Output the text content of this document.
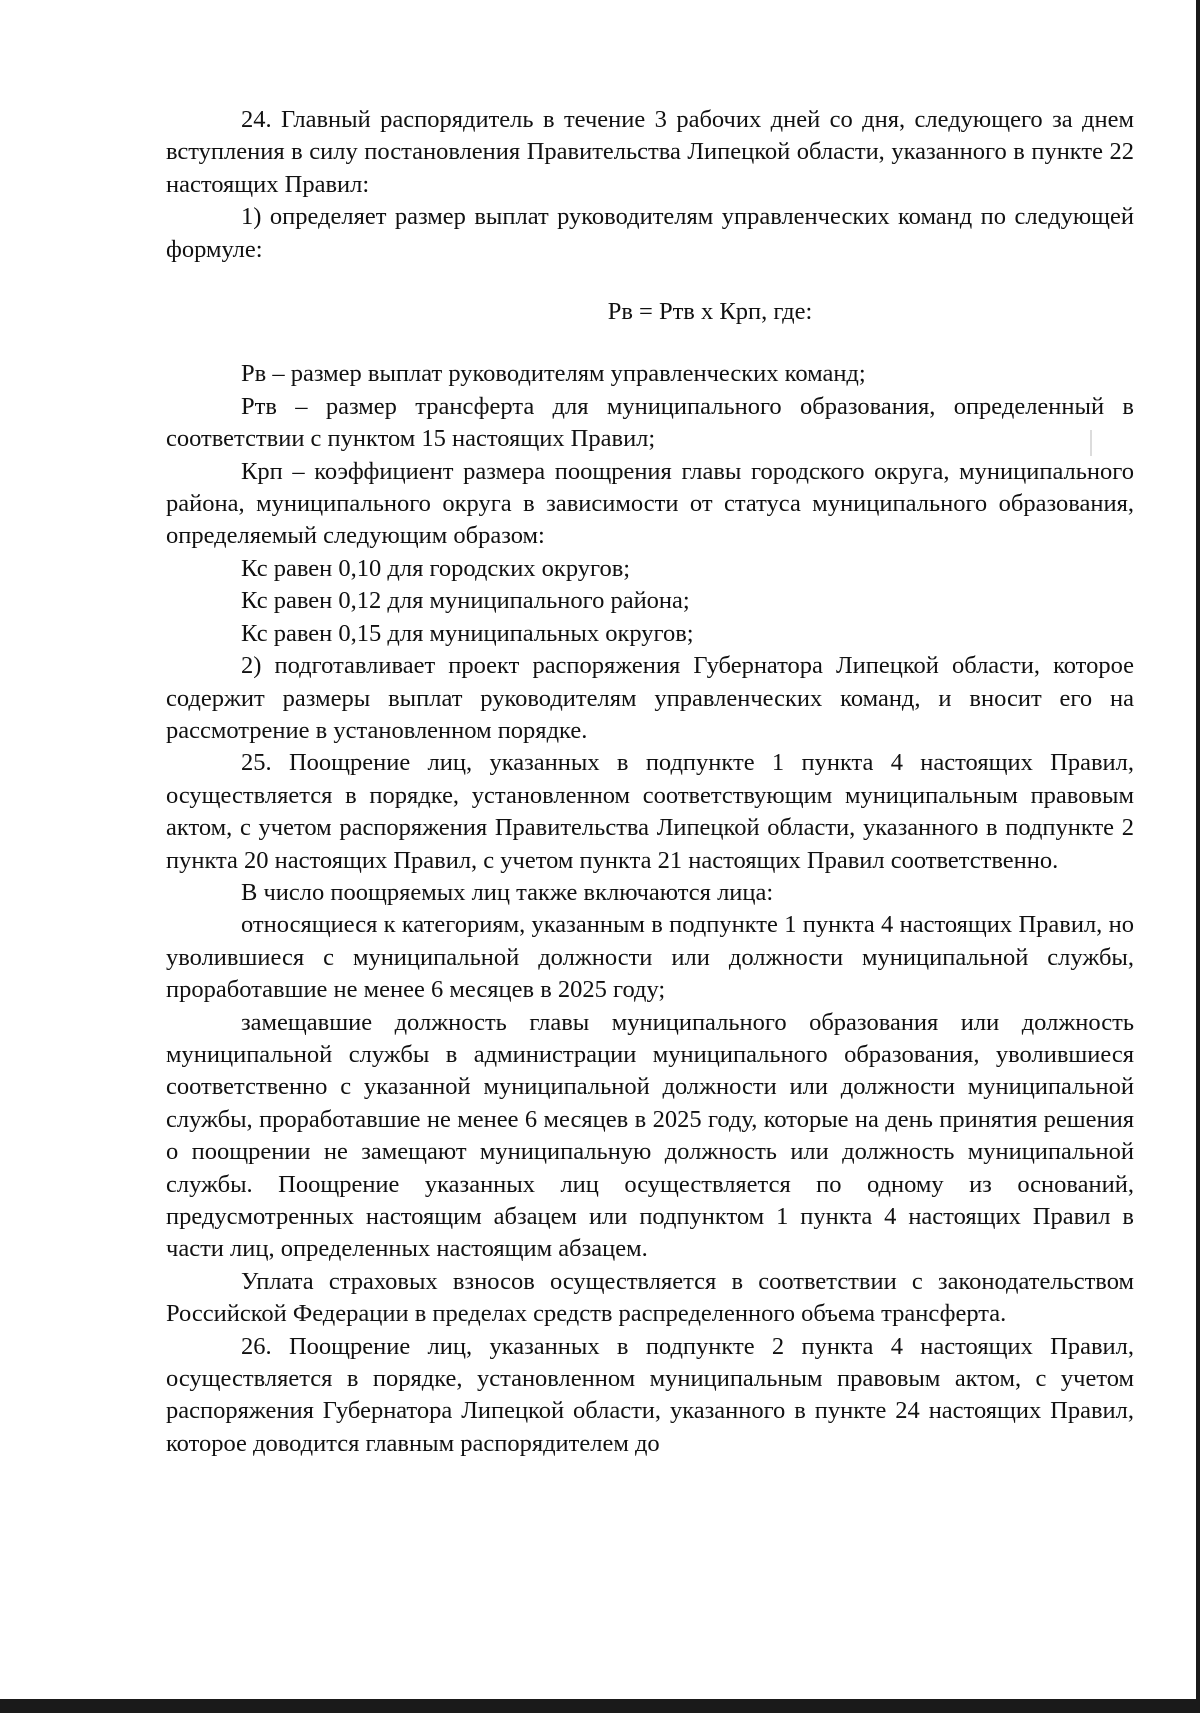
24. Главный распорядитель в течение 3 рабочих дней со дня, следующего за днем вступления в силу постановления Правительства Липецкой области, указанного в пункте 22 настоящих Правил:

1) определяет размер выплат руководителям управленческих команд по следующей формуле:

Рв = Ртв х Крп, где:

Рв – размер выплат руководителям управленческих команд;

Ртв – размер трансферта для муниципального образования, определенный в соответствии с пунктом 15 настоящих Правил;

Крп – коэффициент размера поощрения главы городского округа, муниципального района, муниципального округа в зависимости от статуса муниципального образования, определяемый следующим образом:

Кс равен 0,10 для городских округов;

Кс равен 0,12 для муниципального района;

Кс равен 0,15 для муниципальных округов;

2) подготавливает проект распоряжения Губернатора Липецкой области, которое содержит размеры выплат руководителям управленческих команд, и вносит его на рассмотрение в установленном порядке.

25. Поощрение лиц, указанных в подпункте 1 пункта 4 настоящих Правил, осуществляется в порядке, установленном соответствующим муниципальным правовым актом, с учетом распоряжения Правительства Липецкой области, указанного в подпункте 2 пункта 20 настоящих Правил, с учетом пункта 21 настоящих Правил соответственно.

В число поощряемых лиц также включаются лица:

относящиеся к категориям, указанным в подпункте 1 пункта 4 настоящих Правил, но уволившиеся с муниципальной должности или должности муниципальной службы, проработавшие не менее 6 месяцев в 2025 году;

замещавшие должность главы муниципального образования или должность муниципальной службы в администрации муниципального образования, уволившиеся соответственно с указанной муниципальной должности или должности муниципальной службы, проработавшие не менее 6 месяцев в 2025 году, которые на день принятия решения о поощрении не замещают муниципальную должность или должность муниципальной службы. Поощрение указанных лиц осуществляется по одному из оснований, предусмотренных настоящим абзацем или подпунктом 1 пункта 4 настоящих Правил в части лиц, определенных настоящим абзацем.

Уплата страховых взносов осуществляется в соответствии с законодательством Российской Федерации в пределах средств распределенного объема трансферта.

26. Поощрение лиц, указанных в подпункте 2 пункта 4 настоящих Правил, осуществляется в порядке, установленном муниципальным правовым актом, с учетом распоряжения Губернатора Липецкой области, указанного в пункте 24 настоящих Правил, которое доводится главным распорядителем до
